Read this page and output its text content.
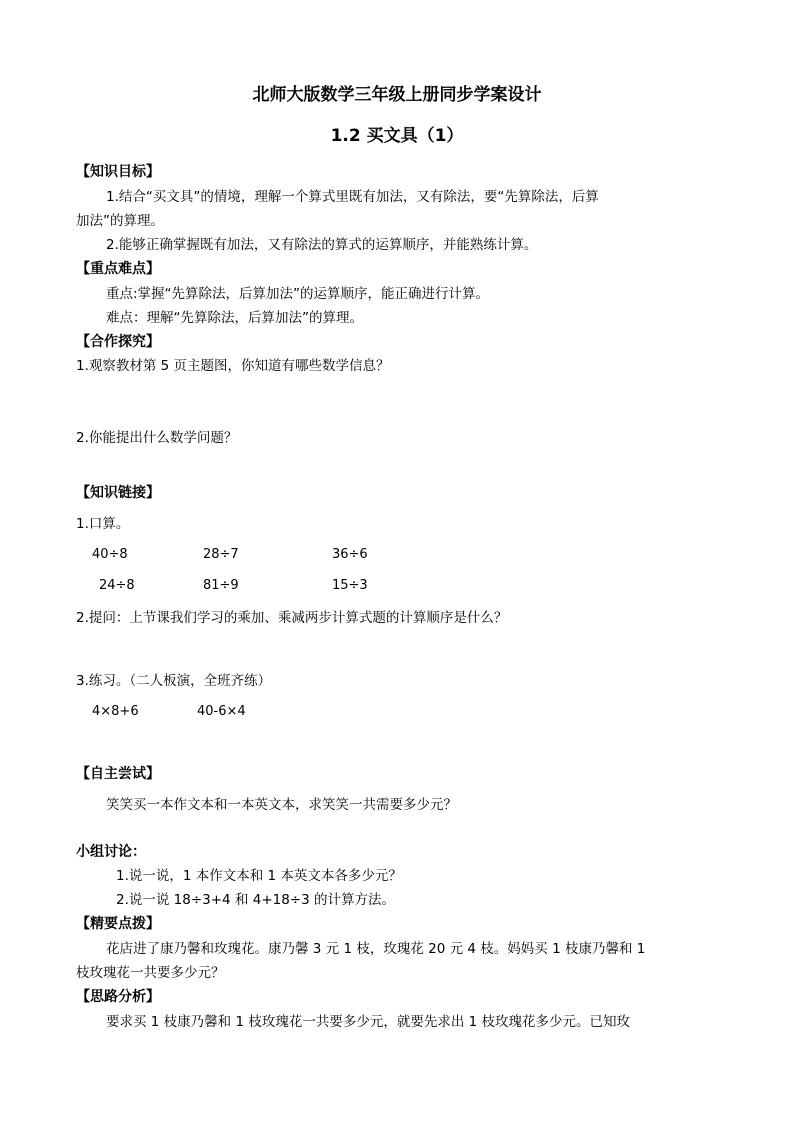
北师大版数学三年级上册同步学案设计
1.2 买文具（1）
【知识目标】
1.结合“买文具”的情境，理解一个算式里既有加法，又有除法，要“先算除法，后算
加法”的算理。
2.能够正确掌握既有加法，又有除法的算式的运算顺序，并能熟练计算。
【重点难点】
重点:掌握“先算除法，后算加法”的运算顺序，能正确进行计算。
难点：理解“先算除法，后算加法”的算理。
【合作探究】
1.观察教材第 5 页主题图，你知道有哪些数学信息？
2.你能提出什么数学问题？
【知识链接】
1.口算。
40÷8	28÷7	36÷6
24÷8	81÷9	15÷3
2.提问：上节课我们学习的乘加、乘减两步计算式题的计算顺序是什么？
3.练习。（二人板演，全班齐练）
4×8+6	40-6×4
【自主尝试】
笑笑买一本作文本和一本英文本，求笑笑一共需要多少元？
小组讨论：
1.说一说，1 本作文本和 1 本英文本各多少元？
2.说一说 18÷3+4 和 4+18÷3 的计算方法。
【精要点拨】
花店进了康乃馨和玫瑰花。康乃馨 3 元 1 枝，玫瑰花 20 元 4 枝。妈妈买 1 枝康乃馨和 1
枝玫瑰花一共要多少元？
【思路分析】
要求买 1 枝康乃馨和 1 枝玫瑰花一共要多少元，就要先求出 1 枝玫瑰花多少元。已知玫
